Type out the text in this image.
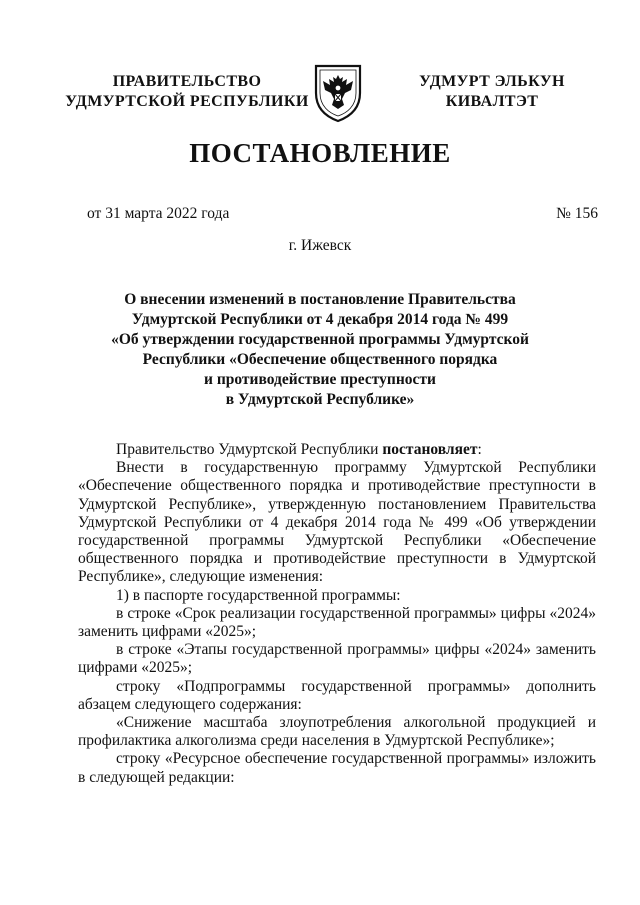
ПРАВИТЕЛЬСТВО
УДМУРТСКОЙ РЕСПУБЛИКИ
УДМУРТ ЭЛЬКУН
КИВАЛТЭТ
ПОСТАНОВЛЕНИЕ
от 31 марта 2022 года	№ 156
г. Ижевск
О внесении изменений в постановление Правительства
Удмуртской Республики от 4 декабря 2014 года № 499
«Об утверждении государственной программы Удмуртской
Республики «Обеспечение общественного порядка
и противодействие преступности
в Удмуртской Республике»

Правительство Удмуртской Республики постановляет:

Внести в государственную программу Удмуртской Республики «Обеспечение общественного порядка и противодействие преступности в Удмуртской Республике», утвержденную постановлением Правительства Удмуртской Республики от 4 декабря 2014 года № 499 «Об утверждении государственной программы Удмуртской Республики «Обеспечение общественного порядка и противодействие преступности в Удмуртской Республике», следующие изменения:

1) в паспорте государственной программы:

в строке «Срок реализации государственной программы» цифры «2024» заменить цифрами «2025»;

в строке «Этапы государственной программы» цифры «2024» заменить цифрами «2025»;

строку «Подпрограммы государственной программы» дополнить абзацем следующего содержания:

«Снижение масштаба злоупотребления алкогольной продукцией и профилактика алкоголизма среди населения в Удмуртской Республике»;

строку «Ресурсное обеспечение государственной программы» изложить в следующей редакции:
